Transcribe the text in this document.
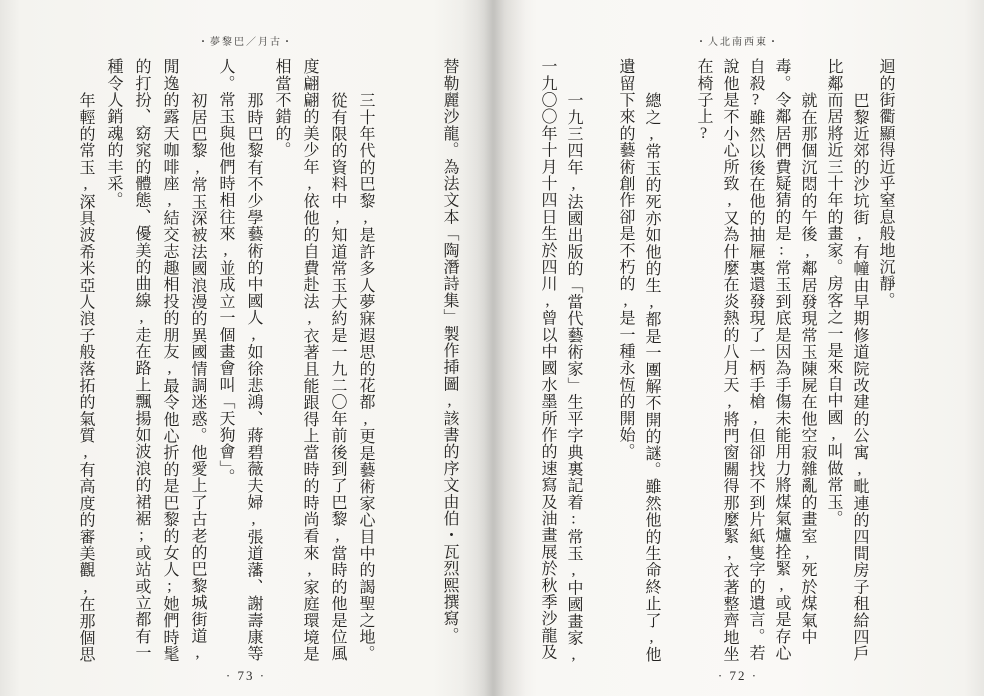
・夢黎巴／月古・

替勒麗沙龍。為法文本「陶潛詩集」製作揷圖,該書的序文由伯・瓦烈熙撰寫。

三十年代的巴黎,是許多人夢寐遐思的花都,更是藝術家心目中的謁聖之地。

從有限的資料中,知道常玉大約是一九二〇年前後到了巴黎,當時的他是位風

度翩翩的美少年,依他的自費赴法,衣著且能跟得上當時的時尚看來,家庭環境是

相當不錯的。

那時巴黎有不少學藝術的中國人,如徐悲鴻、蔣碧薇夫婦,張道藩、謝壽康等

人。常玉與他們時相往來,並成立一個畫會叫「天狗會」。

初居巴黎,常玉深被法國浪漫的異國情調迷惑。他愛上了古老的巴黎城街道,

閒逸的露天咖啡座,結交志趣相投的朋友,最令他心折的是巴黎的女人;她們時髦

的打扮、窈窕的體態、優美的曲線,走在路上飄揚如波浪的裙裾;或站或立都有一

種令人銷魂的丰采。

年輕的常玉,深具波希米亞人浪子般落拓的氣質,有高度的審美觀,在那個思

· 73 ·
・人北南西東・

迴的街衢顯得近乎窒息般地沉靜。

巴黎近郊的沙坑街,有幢由早期修道院改建的公寓,毗連的四間房子租給四戶

比鄰而居將近三十年的畫家。房客之一是來自中國,叫做常玉。

就在那個沉悶的午後,鄰居發現常玉陳屍在他空寂雜亂的畫室,死於煤氣中

毒。令鄰居們費疑猜的是:常玉到底是因為手傷未能用力將煤氣爐拴緊,或是存心

自殺?雖然以後在他的抽屜裏還發現了一柄手槍,但卻找不到片紙隻字的遺言。若

說他是不小心所致,又為什麼在炎熱的八月天,將門窗關得那麼緊,衣著整齊地坐

在椅子上?

總之,常玉的死亦如他的生,都是一團解不開的謎。雖然他的生命終止了,他

遺留下來的藝術創作卻是不朽的,是一種永恆的開始。

一九三四年,法國出版的「當代藝術家」生平字典裏記着:常玉,中國畫家,

一九〇〇年十月十四日生於四川,曾以中國水墨所作的速寫及油畫展於秋季沙龍及

· 72 ·
